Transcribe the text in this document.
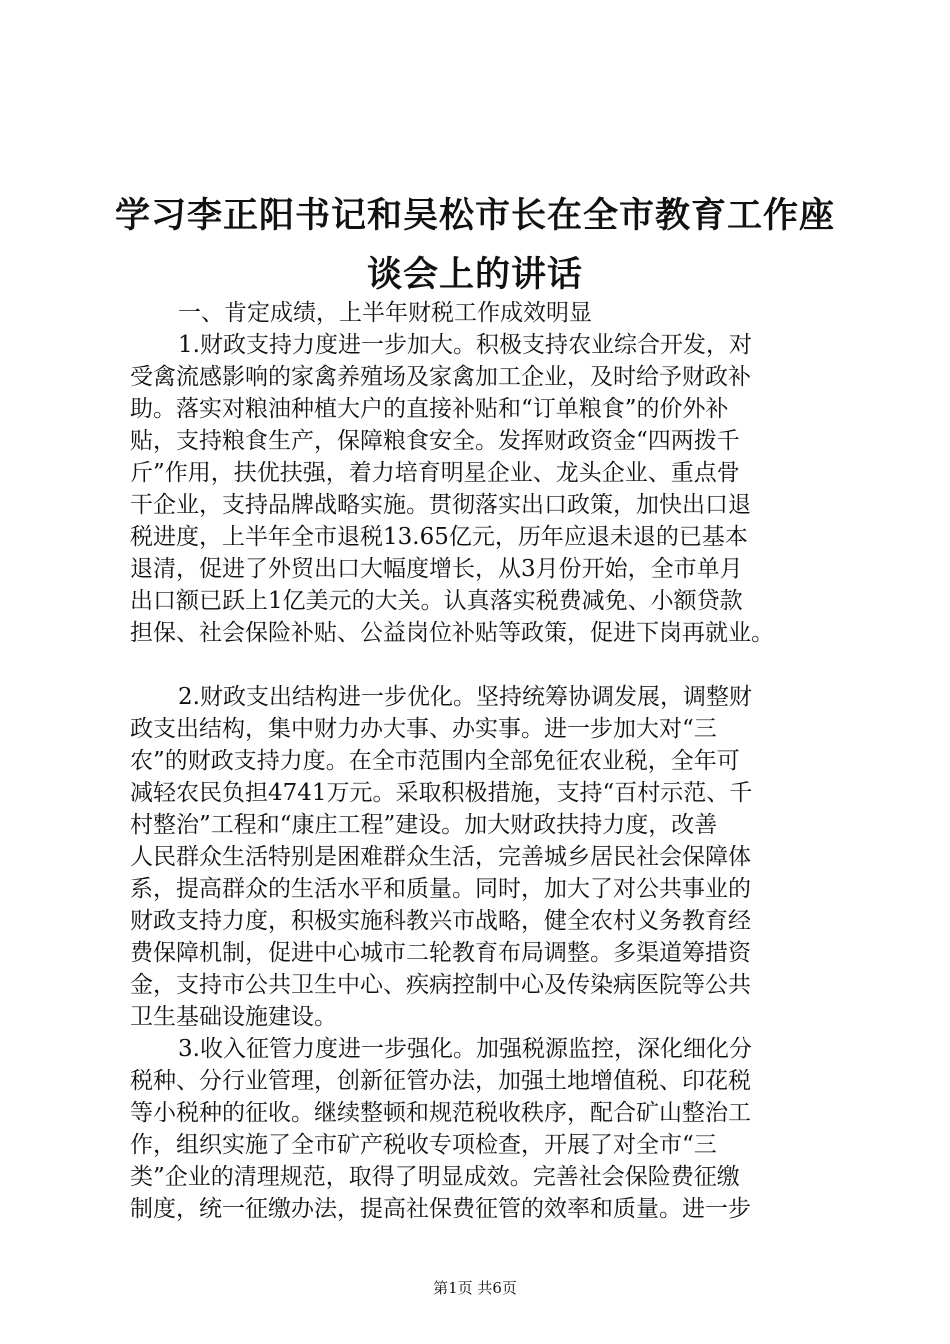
学习李正阳书记和吴松市长在全市教育工作座
谈会上的讲话
一、肯定成绩，上半年财税工作成效明显
1.财政支持力度进一步加大。积极支持农业综合开发，对
受禽流感影响的家禽养殖场及家禽加工企业，及时给予财政补
助。落实对粮油种植大户的直接补贴和“订单粮食”的价外补
贴，支持粮食生产，保障粮食安全。发挥财政资金“四两拨千
斤”作用，扶优扶强，着力培育明星企业、龙头企业、重点骨
干企业，支持品牌战略实施。贯彻落实出口政策，加快出口退
税进度，上半年全市退税13.65亿元，历年应退未退的已基本
退清，促进了外贸出口大幅度增长，从3月份开始，全市单月
出口额已跃上1亿美元的大关。认真落实税费减免、小额贷款
担保、社会保险补贴、公益岗位补贴等政策，促进下岗再就业。
2.财政支出结构进一步优化。坚持统筹协调发展，调整财
政支出结构，集中财力办大事、办实事。进一步加大对“三
农”的财政支持力度。在全市范围内全部免征农业税，全年可
减轻农民负担4741万元。采取积极措施，支持“百村示范、千
村整治”工程和“康庄工程”建设。加大财政扶持力度，改善
人民群众生活特别是困难群众生活，完善城乡居民社会保障体
系，提高群众的生活水平和质量。同时，加大了对公共事业的
财政支持力度，积极实施科教兴市战略，健全农村义务教育经
费保障机制，促进中心城市二轮教育布局调整。多渠道筹措资
金，支持市公共卫生中心、疾病控制中心及传染病医院等公共
卫生基础设施建设。
3.收入征管力度进一步强化。加强税源监控，深化细化分
税种、分行业管理，创新征管办法，加强土地增值税、印花税
等小税种的征收。继续整顿和规范税收秩序，配合矿山整治工
作，组织实施了全市矿产税收专项检查，开展了对全市“三
类”企业的清理规范，取得了明显成效。完善社会保险费征缴
制度，统一征缴办法，提高社保费征管的效率和质量。进一步
第1页 共6页
